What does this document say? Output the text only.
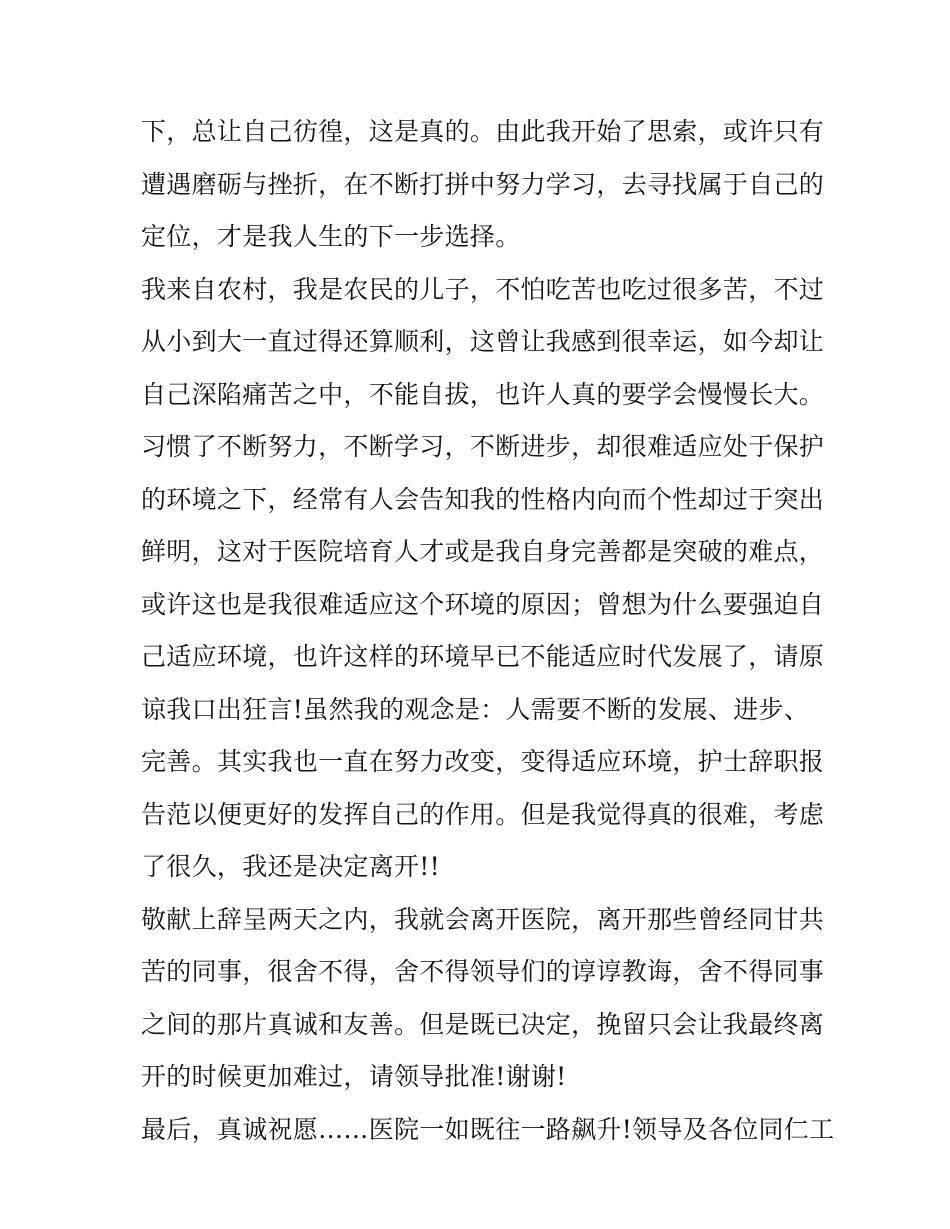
下，总让自己彷徨，这是真的。由此我开始了思索，或许只有
遭遇磨砺与挫折，在不断打拼中努力学习，去寻找属于自己的
定位，才是我人生的下一步选择。
我来自农村，我是农民的儿子，不怕吃苦也吃过很多苦，不过
从小到大一直过得还算顺利，这曾让我感到很幸运，如今却让
自己深陷痛苦之中，不能自拔，也许人真的要学会慢慢长大。
习惯了不断努力，不断学习，不断进步，却很难适应处于保护
的环境之下，经常有人会告知我的性格内向而个性却过于突出
鲜明，这对于医院培育人才或是我自身完善都是突破的难点，
或许这也是我很难适应这个环境的原因；曾想为什么要强迫自
己适应环境，也许这样的环境早已不能适应时代发展了，请原
谅我口出狂言!虽然我的观念是：人需要不断的发展、进步、
完善。其实我也一直在努力改变，变得适应环境，护士辞职报
告范以便更好的发挥自己的作用。但是我觉得真的很难，考虑
了很久，我还是决定离开!!
敬献上辞呈两天之内，我就会离开医院，离开那些曾经同甘共
苦的同事，很舍不得，舍不得领导们的谆谆教诲，舍不得同事
之间的那片真诚和友善。但是既已决定，挽留只会让我最终离
开的时候更加难过，请领导批准!谢谢!
最后，真诚祝愿……医院一如既往一路飙升!领导及各位同仁工
